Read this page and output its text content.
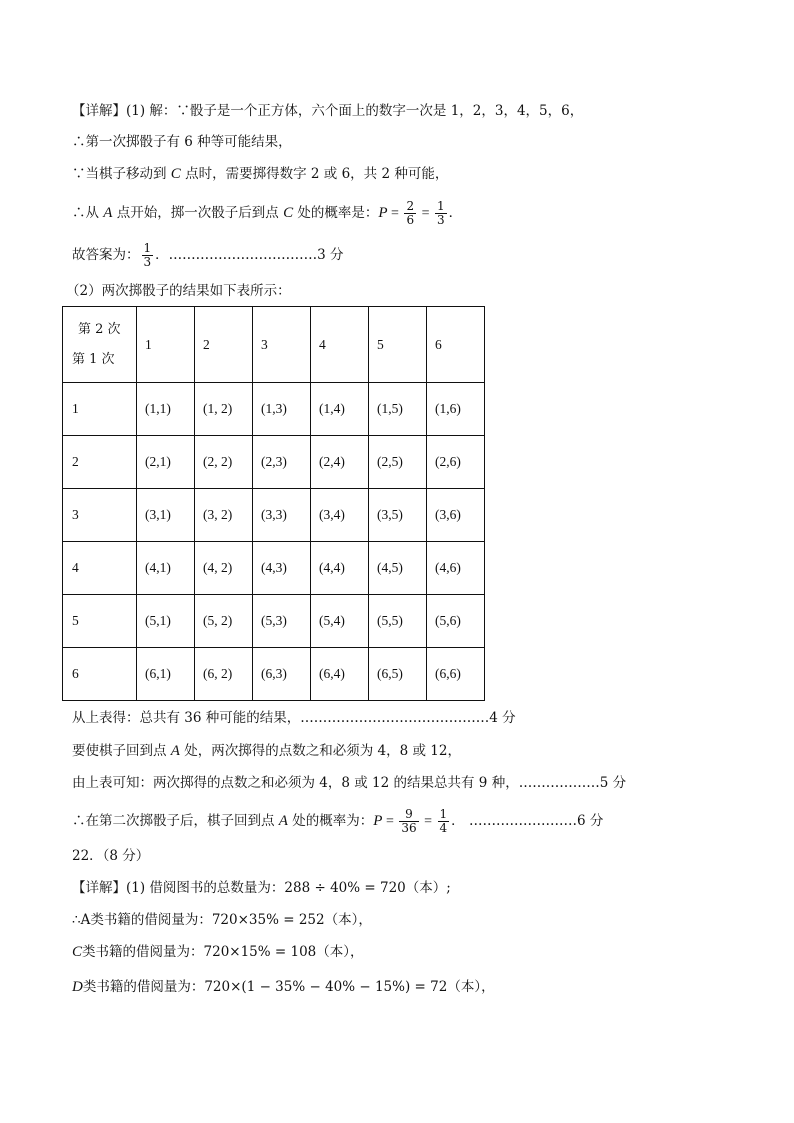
【详解】(1) 解：∵骰子是一个正方体，六个面上的数字一次是 1，2，3，4，5，6，
∴第一次掷骰子有 6 种等可能结果，
∵当棋子移动到 C 点时，需要掷得数字 2 或 6，共 2 种可能，
∴从 A 点开始，掷一次骰子后到点 C 处的概率是：$P = \frac{2}{6} = \frac{1}{3}$ ．
故答案为： $\frac{1}{3}$ ．……………………………3 分
（2）两次掷骰子的结果如下表所示：
第 2 次
第 1 次	1	2	3	4	5	6
1	(1,1)	(1, 2)	(1,3)	(1,4)	(1,5)	(1,6)
2	(2,1)	(2, 2)	(2,3)	(2,4)	(2,5)	(2,6)
3	(3,1)	(3, 2)	(3,3)	(3,4)	(3,5)	(3,6)
4	(4,1)	(4, 2)	(4,3)	(4,4)	(4,5)	(4,6)
5	(5,1)	(5, 2)	(5,3)	(5,4)	(5,5)	(5,6)
6	(6,1)	(6, 2)	(6,3)	(6,4)	(6,5)	(6,6)
从上表得：总共有 36 种可能的结果，……………………………………4 分
要使棋子回到点 A 处，两次掷得的点数之和必须为 4，8 或 12，
由上表可知：两次掷得的点数之和必须为 4，8 或 12 的结果总共有 9 种，………………5 分
∴在第二次掷骰子后，棋子回到点 A 处的概率为：$P = \frac{9}{36} = \frac{1}{4}$ ． ……………………6 分
22．（8 分）
【详解】(1) 借阅图书的总数量为：288 ÷ 40% = 720（本）;
∴A类书籍的借阅量为：720×35% = 252（本），
C类书籍的借阅量为：720×15% = 108（本），
D类书籍的借阅量为：720×(1 − 35% − 40% − 15%) = 72（本），
